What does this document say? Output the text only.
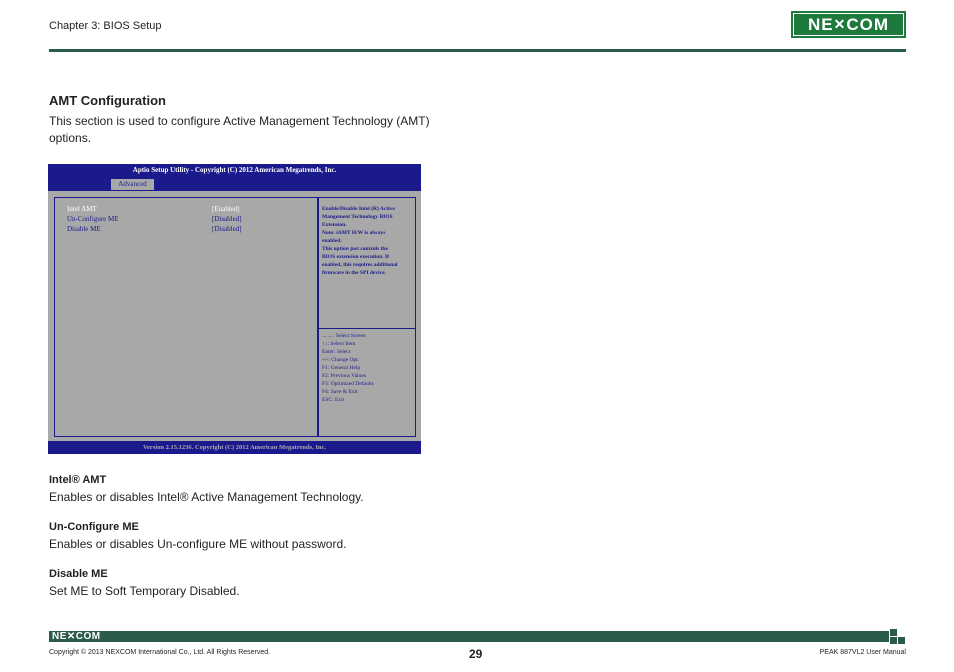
Chapter 3: BIOS Setup	NE ✕ COM
AMT Configuration
This section is used to configure Active Management Technology (AMT) options.
Aptio Setup Utility - Copyright (C) 2012 American Megatrends, Inc.
Advanced
Intel AMT	[Enabled]
Un-Configure ME	[Disabled]
Disable ME	[Disabled]
Enable/Disable Intel (R) Active
Mangement Technology BIOS
Extension.
Note: iAMT H/W is always
enabled.
This option just controls the
BIOS extension execution. If
enabled, this requires additional
firmware in the SPI device.
→←: Select Screen
↑↓: Select Item
Enter: Select
+/-: Change Opt.
F1: General Help
F2: Previous Values
F3: Optimized Defaults
F4: Save & Exit
ESC: Exit
Version 2.15.1236. Copyright (C) 2012 American Megatrends, Inc.
Intel® AMT
Enables or disables Intel® Active Management Technology.
Un-Configure ME
Enables or disables Un-configure ME without password.
Disable ME
Set ME to Soft Temporary Disabled.
NE✕COM
Copyright © 2013 NEXCOM International Co., Ltd. All Rights Reserved.	29	PEAK 887VL2 User Manual
